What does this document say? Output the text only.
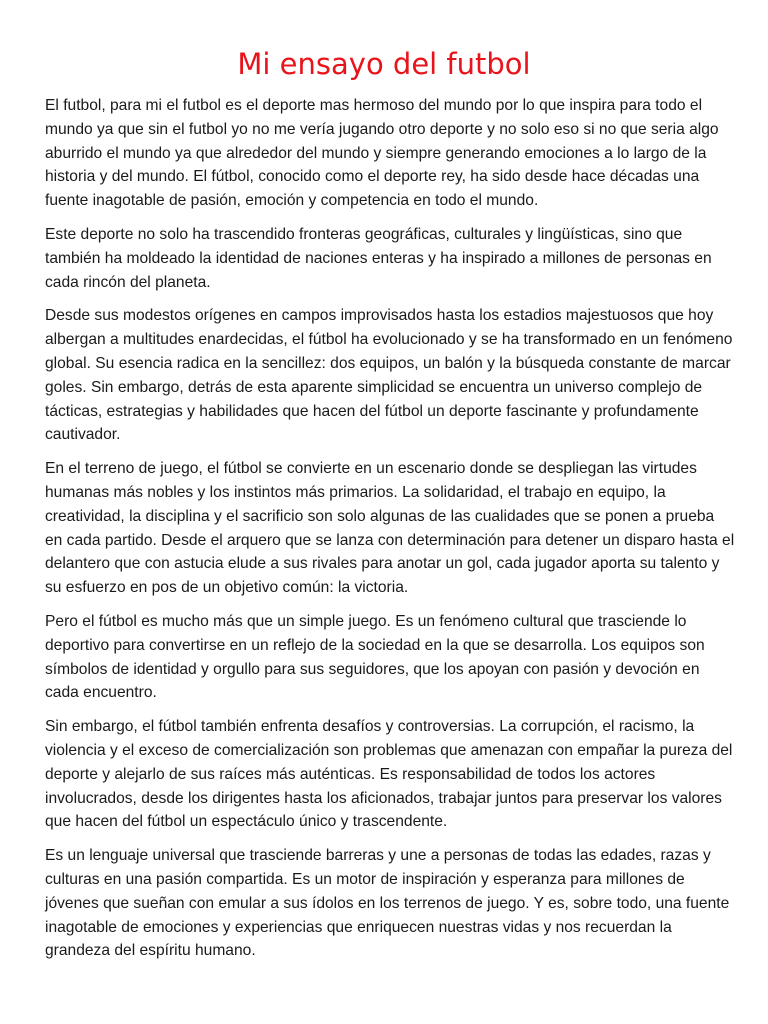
Mi ensayo del futbol

El futbol, para mi el futbol es el deporte mas hermoso del mundo por lo que inspira para todo el mundo ya que sin el futbol yo no me vería jugando otro deporte y no solo eso si no que seria algo aburrido el mundo ya que alrededor del mundo y siempre generando emociones a lo largo de la historia y del mundo. El fútbol, conocido como el deporte rey, ha sido desde hace décadas una fuente inagotable de pasión, emoción y competencia en todo el mundo.

Este deporte no solo ha trascendido fronteras geográficas, culturales y lingüísticas, sino que también ha moldeado la identidad de naciones enteras y ha inspirado a millones de personas en cada rincón del planeta.

Desde sus modestos orígenes en campos improvisados hasta los estadios majestuosos que hoy albergan a multitudes enardecidas, el fútbol ha evolucionado y se ha transformado en un fenómeno global. Su esencia radica en la sencillez: dos equipos, un balón y la búsqueda constante de marcar goles. Sin embargo, detrás de esta aparente simplicidad se encuentra un universo complejo de tácticas, estrategias y habilidades que hacen del fútbol un deporte fascinante y profundamente cautivador.

En el terreno de juego, el fútbol se convierte en un escenario donde se despliegan las virtudes humanas más nobles y los instintos más primarios. La solidaridad, el trabajo en equipo, la creatividad, la disciplina y el sacrificio son solo algunas de las cualidades que se ponen a prueba en cada partido. Desde el arquero que se lanza con determinación para detener un disparo hasta el delantero que con astucia elude a sus rivales para anotar un gol, cada jugador aporta su talento y su esfuerzo en pos de un objetivo común: la victoria.

Pero el fútbol es mucho más que un simple juego. Es un fenómeno cultural que trasciende lo deportivo para convertirse en un reflejo de la sociedad en la que se desarrolla. Los equipos son símbolos de identidad y orgullo para sus seguidores, que los apoyan con pasión y devoción en cada encuentro.

Sin embargo, el fútbol también enfrenta desafíos y controversias. La corrupción, el racismo, la violencia y el exceso de comercialización son problemas que amenazan con empañar la pureza del deporte y alejarlo de sus raíces más auténticas. Es responsabilidad de todos los actores involucrados, desde los dirigentes hasta los aficionados, trabajar juntos para preservar los valores que hacen del fútbol un espectáculo único y trascendente.

Es un lenguaje universal que trasciende barreras y une a personas de todas las edades, razas y culturas en una pasión compartida. Es un motor de inspiración y esperanza para millones de jóvenes que sueñan con emular a sus ídolos en los terrenos de juego. Y es, sobre todo, una fuente inagotable de emociones y experiencias que enriquecen nuestras vidas y nos recuerdan la grandeza del espíritu humano.
